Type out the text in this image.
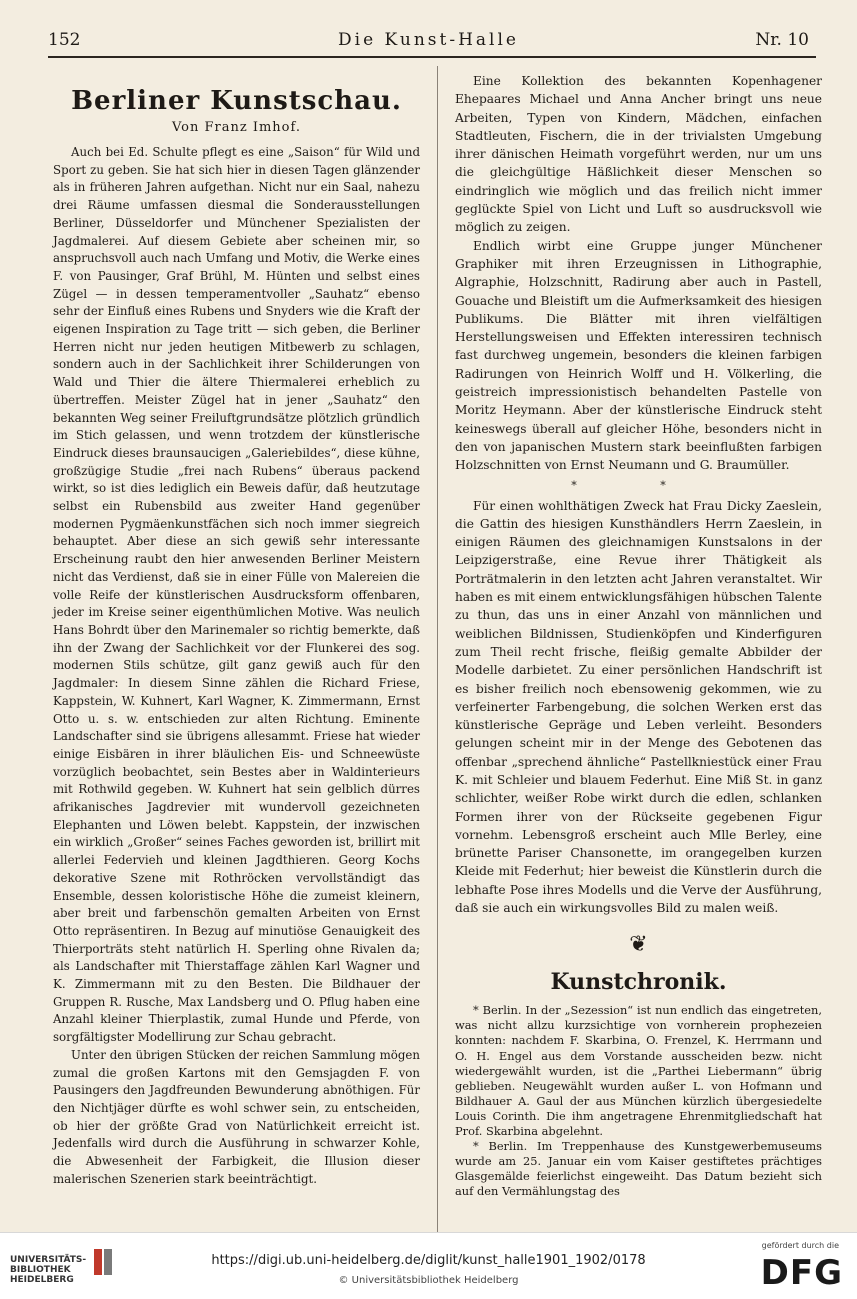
152	Die Kunst-Halle	Nr. 10
Berliner Kunstschau.
Von Franz Imhof.

Auch bei Ed. Schulte pflegt es eine „Saison“ für Wild und Sport zu geben. Sie hat sich hier in diesen Tagen glänzender als in früheren Jahren aufgethan. Nicht nur ein Saal, nahezu drei Räume umfassen diesmal die Sonderausstellungen Berliner, Düsseldorfer und Münchener Spezialisten der Jagdmalerei. Auf diesem Gebiete aber scheinen mir, so anspruchsvoll auch nach Umfang und Motiv, die Werke eines F. von Pausinger, Graf Brühl, M. Hünten und selbst eines Zügel — in dessen temperamentvoller „Sauhatz“ ebenso sehr der Einfluß eines Rubens und Snyders wie die Kraft der eigenen Inspiration zu Tage tritt — sich geben, die Berliner Herren nicht nur jeden heutigen Mitbewerb zu schlagen, sondern auch in der Sachlichkeit ihrer Schilderungen von Wald und Thier die ältere Thiermalerei erheblich zu übertreffen. Meister Zügel hat in jener „Sauhatz“ den bekannten Weg seiner Freiluftgrundsätze plötzlich gründlich im Stich gelassen, und wenn trotzdem der künstlerische Eindruck dieses braunsaucigen „Galeriebildes“, diese kühne, großzügige Studie „frei nach Rubens“ überaus packend wirkt, so ist dies lediglich ein Beweis dafür, daß heutzutage selbst ein Rubensbild aus zweiter Hand gegenüber modernen Pygmäenkunstfächen sich noch immer siegreich behauptet. Aber diese an sich gewiß sehr interessante Erscheinung raubt den hier anwesenden Berliner Meistern nicht das Verdienst, daß sie in einer Fülle von Malereien die volle Reife der künstlerischen Ausdrucksform offenbaren, jeder im Kreise seiner eigenthümlichen Motive. Was neulich Hans Bohrdt über den Marinemaler so richtig bemerkte, daß ihn der Zwang der Sachlichkeit vor der Flunkerei des sog. modernen Stils schütze, gilt ganz gewiß auch für den Jagdmaler: In diesem Sinne zählen die Richard Friese, Kappstein, W. Kuhnert, Karl Wagner, K. Zimmermann, Ernst Otto u. s. w. entschieden zur alten Richtung. Eminente Landschafter sind sie übrigens allesammt. Friese hat wieder einige Eisbären in ihrer bläulichen Eis- und Schneewüste vorzüglich beobachtet, sein Bestes aber in Waldinterieurs mit Rothwild gegeben. W. Kuhnert hat sein gelblich dürres afrikanisches Jagdrevier mit wundervoll gezeichneten Elephanten und Löwen belebt. Kappstein, der inzwischen ein wirklich „Großer“ seines Faches geworden ist, brillirt mit allerlei Federvieh und kleinen Jagdthieren. Georg Kochs dekorative Szene mit Rothröcken vervollständigt das Ensemble, dessen koloristische Höhe die zumeist kleinern, aber breit und farbenschön gemalten Arbeiten von Ernst Otto repräsentiren. In Bezug auf minutiöse Genauigkeit des Thierporträts steht natürlich H. Sperling ohne Rivalen da; als Landschafter mit Thierstaffage zählen Karl Wagner und K. Zimmermann mit zu den Besten. Die Bildhauer der Gruppen R. Rusche, Max Landsberg und O. Pflug haben eine Anzahl kleiner Thierplastik, zumal Hunde und Pferde, von sorgfältigster Modellirung zur Schau gebracht.

Unter den übrigen Stücken der reichen Sammlung mögen zumal die großen Kartons mit den Gemsjagden F. von Pausingers den Jagdfreunden Bewunderung abnöthigen. Für den Nichtjäger dürfte es wohl schwer sein, zu entscheiden, ob hier der größte Grad von Natürlichkeit erreicht ist. Jedenfalls wird durch die Ausführung in schwarzer Kohle, die Abwesenheit der Farbigkeit, die Illusion dieser malerischen Szenerien stark beeinträchtigt.

Eine Kollektion des bekannten Kopenhagener Ehepaares Michael und Anna Ancher bringt uns neue Arbeiten, Typen von Kindern, Mädchen, einfachen Stadtleuten, Fischern, die in der trivialsten Umgebung ihrer dänischen Heimath vorgeführt werden, nur um uns die gleichgültige Häßlichkeit dieser Menschen so eindringlich wie möglich und das freilich nicht immer geglückte Spiel von Licht und Luft so ausdrucksvoll wie möglich zu zeigen.

Endlich wirbt eine Gruppe junger Münchener Graphiker mit ihren Erzeugnissen in Lithographie, Algraphie, Holzschnitt, Radirung aber auch in Pastell, Gouache und Bleistift um die Aufmerksamkeit des hiesigen Publikums. Die Blätter mit ihren vielfältigen Herstellungsweisen und Effekten interessiren technisch fast durchweg ungemein, besonders die kleinen farbigen Radirungen von Heinrich Wolff und H. Völkerling, die geistreich impressionistisch behandelten Pastelle von Moritz Heymann. Aber der künstlerische Eindruck steht keineswegs überall auf gleicher Höhe, besonders nicht in den von japanischen Mustern stark beeinflußten farbigen Holzschnitten von Ernst Neumann und G. Braumüller.

* *

Für einen wohlthätigen Zweck hat Frau Dicky Zaeslein, die Gattin des hiesigen Kunsthändlers Herrn Zaeslein, in einigen Räumen des gleichnamigen Kunstsalons in der Leipzigerstraße, eine Revue ihrer Thätigkeit als Porträtmalerin in den letzten acht Jahren veranstaltet. Wir haben es mit einem entwicklungsfähigen hübschen Talente zu thun, das uns in einer Anzahl von männlichen und weiblichen Bildnissen, Studienköpfen und Kinderfiguren zum Theil recht frische, fleißig gemalte Abbilder der Modelle darbietet. Zu einer persönlichen Handschrift ist es bisher freilich noch ebensowenig gekommen, wie zu verfeinerter Farbengebung, die solchen Werken erst das künstlerische Gepräge und Leben verleiht. Besonders gelungen scheint mir in der Menge des Gebotenen das offenbar „sprechend ähnliche“ Pastellkniestück einer Frau K. mit Schleier und blauem Federhut. Eine Miß St. in ganz schlichter, weißer Robe wirkt durch die edlen, schlanken Formen ihrer von der Rückseite gegebenen Figur vornehm. Lebensgroß erscheint auch Mlle Berley, eine brünette Pariser Chansonette, im orangegelben kurzen Kleide mit Federhut; hier beweist die Künstlerin durch die lebhafte Pose ihres Modells und die Verve der Ausführung, daß sie auch ein wirkungsvolles Bild zu malen weiß.

❦
Kunstchronik.

* Berlin. In der „Sezession“ ist nun endlich das eingetreten, was nicht allzu kurzsichtige von vornherein prophezeien konnten: nachdem F. Skarbina, O. Frenzel, K. Herrmann und O. H. Engel aus dem Vorstande ausscheiden bezw. nicht wiedergewählt wurden, ist die „Parthei Liebermann“ übrig geblieben. Neugewählt wurden außer L. von Hofmann und Bildhauer A. Gaul der aus München kürzlich übergesiedelte Louis Corinth. Die ihm angetragene Ehrenmitgliedschaft hat Prof. Skarbina abgelehnt.

* Berlin. Im Treppenhause des Kunstgewerbemuseums wurde am 25. Januar ein vom Kaiser gestiftetes prächtiges Glasgemälde feierlichst eingeweiht. Das Datum bezieht sich auf den Vermählungstag des

UNIVERSITÄTS-BIBLIOTHEK HEIDELBERG
https://digi.ub.uni-heidelberg.de/diglit/kunst_halle1901_1902/0178
© Universitätsbibliothek Heidelberg
gefördert durch die
DFG
